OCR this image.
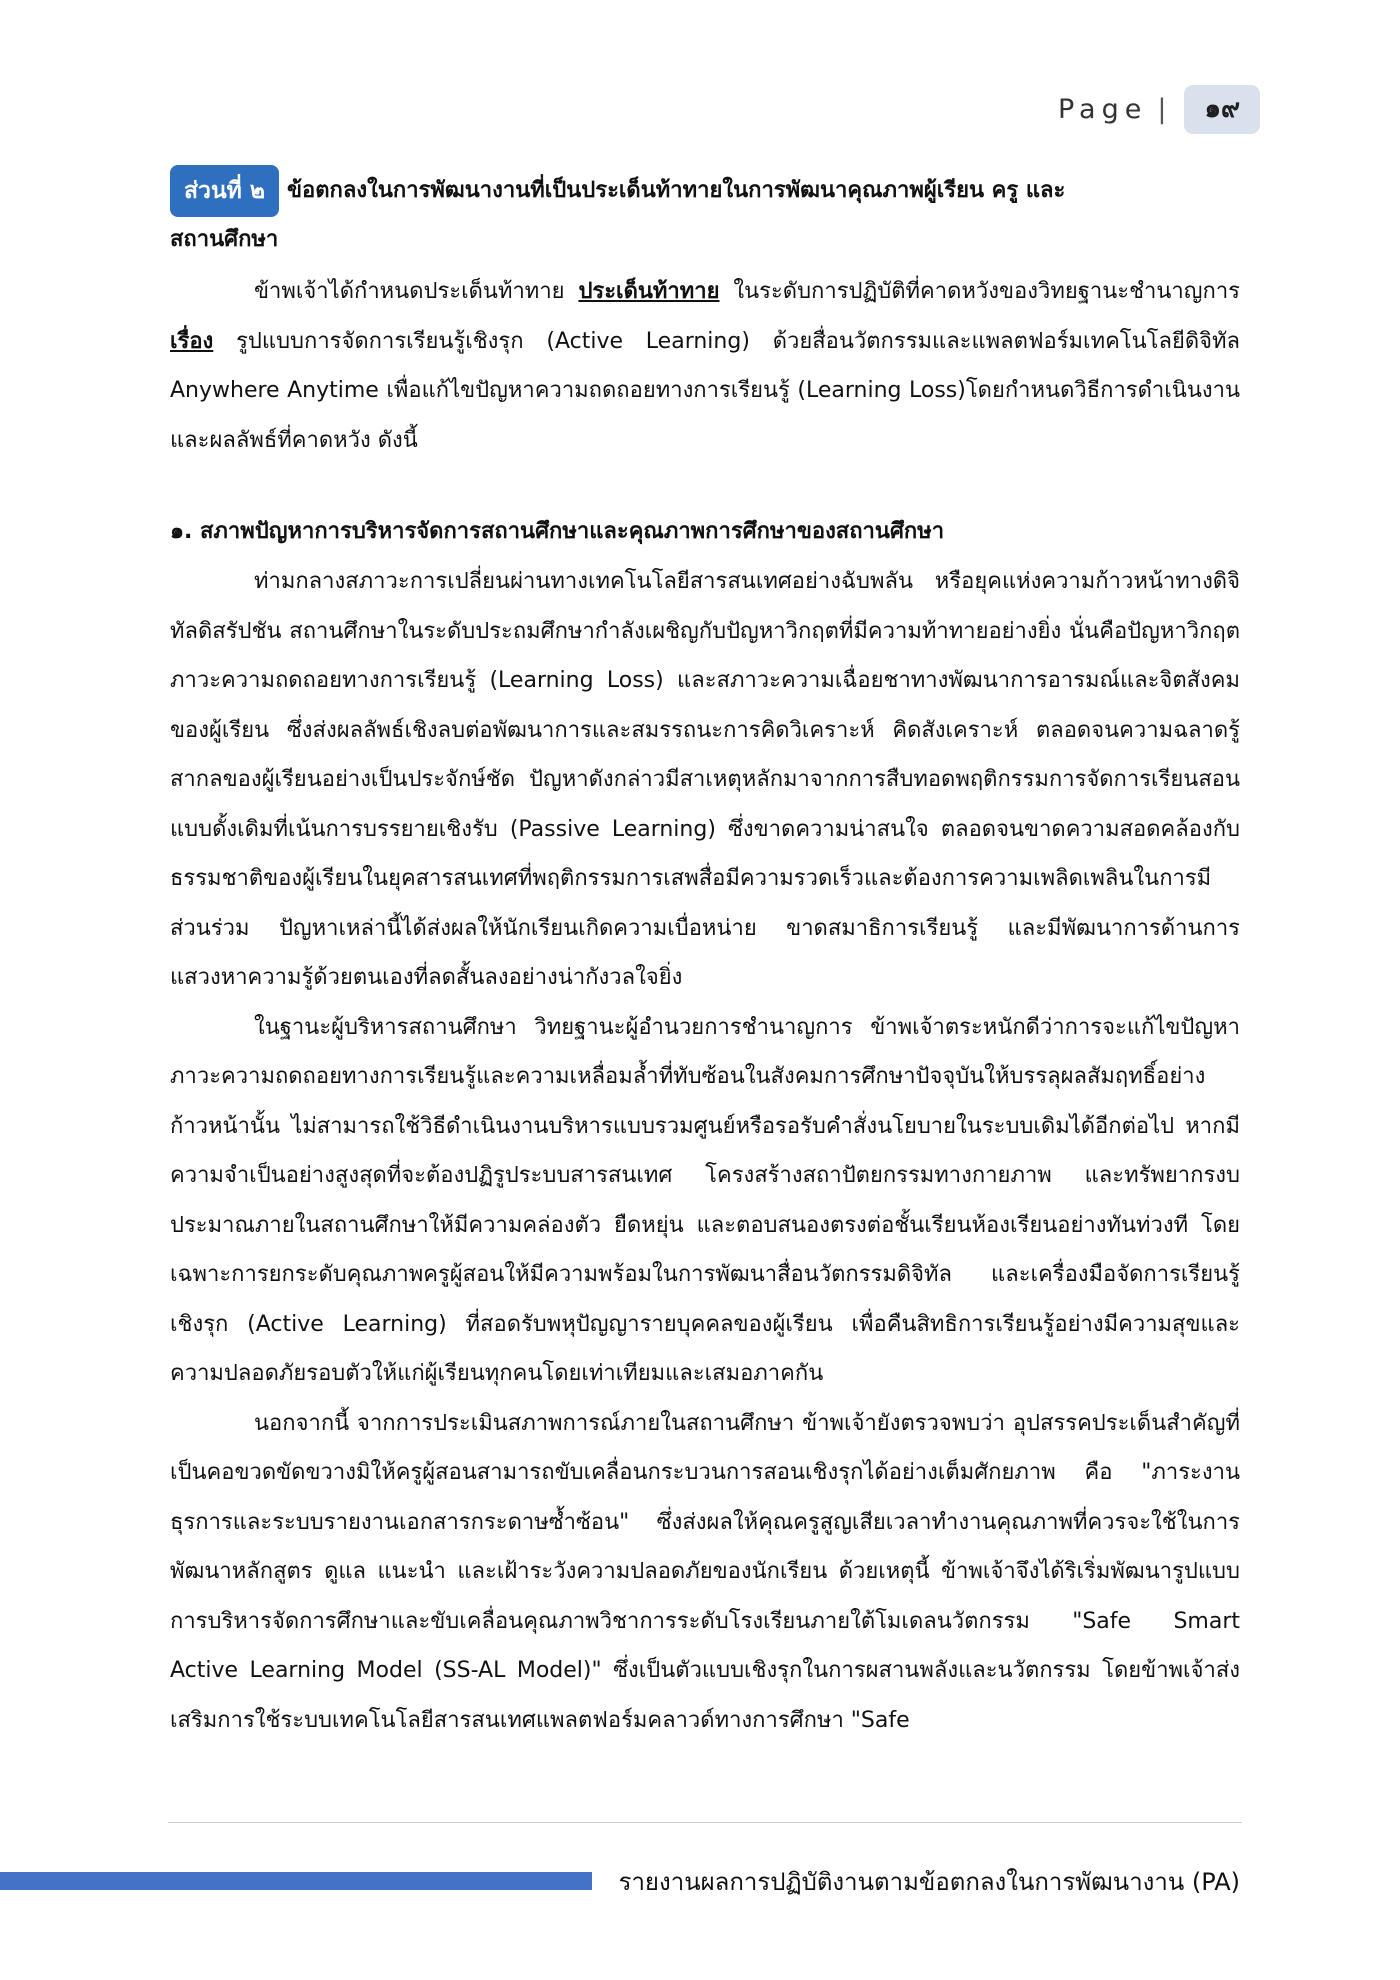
Page |	๑๙
ส่วนที่ ๒	ข้อตกลงในการพัฒนางานที่เป็นประเด็นท้าทายในการพัฒนาคุณภาพผู้เรียน ครู และ
สถานศึกษา

ข้าพเจ้าได้กำหนดประเด็นท้าทาย ประเด็นท้าทาย ในระดับการปฏิบัติที่คาดหวังของวิทยฐานะชำนาญการ เรื่อง รูปแบบการจัดการเรียนรู้เชิงรุก (Active Learning) ด้วยสื่อนวัตกรรมและแพลตฟอร์มเทคโนโลยีดิจิทัล Anywhere Anytime เพื่อแก้ไขปัญหาความถดถอยทางการเรียนรู้ (Learning Loss)โดยกำหนดวิธีการดำเนินงานและผลลัพธ์ที่คาดหวัง ดังนี้

๑. สภาพปัญหาการบริหารจัดการสถานศึกษาและคุณภาพการศึกษาของสถานศึกษา

ท่ามกลางสภาวะการเปลี่ยนผ่านทางเทคโนโลยีสารสนเทศอย่างฉับพลัน หรือยุคแห่งความก้าวหน้าทางดิจิทัลดิสรัปชัน สถานศึกษาในระดับประถมศึกษากำลังเผชิญกับปัญหาวิกฤตที่มีความท้าทายอย่างยิ่ง นั่นคือปัญหาวิกฤตภาวะความถดถอยทางการเรียนรู้ (Learning Loss) และสภาวะความเฉื่อยชาทางพัฒนาการอารมณ์และจิตสังคมของผู้เรียน ซึ่งส่งผลลัพธ์เชิงลบต่อพัฒนาการและสมรรถนะการคิดวิเคราะห์ คิดสังเคราะห์ ตลอดจนความฉลาดรู้สากลของผู้เรียนอย่างเป็นประจักษ์ชัด ปัญหาดังกล่าวมีสาเหตุหลักมาจากการสืบทอดพฤติกรรมการจัดการเรียนสอนแบบดั้งเดิมที่เน้นการบรรยายเชิงรับ (Passive Learning) ซึ่งขาดความน่าสนใจ ตลอดจนขาดความสอดคล้องกับธรรมชาติของผู้เรียนในยุคสารสนเทศที่พฤติกรรมการเสพสื่อมีความรวดเร็วและต้องการความเพลิดเพลินในการมีส่วนร่วม ปัญหาเหล่านี้ได้ส่งผลให้นักเรียนเกิดความเบื่อหน่าย ขาดสมาธิการเรียนรู้ และมีพัฒนาการด้านการแสวงหาความรู้ด้วยตนเองที่ลดสั้นลงอย่างน่ากังวลใจยิ่ง

ในฐานะผู้บริหารสถานศึกษา วิทยฐานะผู้อำนวยการชำนาญการ ข้าพเจ้าตระหนักดีว่าการจะแก้ไขปัญหาภาวะความถดถอยทางการเรียนรู้และความเหลื่อมล้ำที่ทับซ้อนในสังคมการศึกษาปัจจุบันให้บรรลุผลสัมฤทธิ์อย่างก้าวหน้านั้น ไม่สามารถใช้วิธีดำเนินงานบริหารแบบรวมศูนย์หรือรอรับคำสั่งนโยบายในระบบเดิมได้อีกต่อไป หากมีความจำเป็นอย่างสูงสุดที่จะต้องปฏิรูประบบสารสนเทศ โครงสร้างสถาปัตยกรรมทางกายภาพ และทรัพยากรงบประมาณภายในสถานศึกษาให้มีความคล่องตัว ยืดหยุ่น และตอบสนองตรงต่อชั้นเรียนห้องเรียนอย่างทันท่วงที โดยเฉพาะการยกระดับคุณภาพครูผู้สอนให้มีความพร้อมในการพัฒนาสื่อนวัตกรรมดิจิทัล และเครื่องมือจัดการเรียนรู้เชิงรุก (Active Learning) ที่สอดรับพหุปัญญารายบุคคลของผู้เรียน เพื่อคืนสิทธิการเรียนรู้อย่างมีความสุขและความปลอดภัยรอบตัวให้แก่ผู้เรียนทุกคนโดยเท่าเทียมและเสมอภาคกัน

นอกจากนี้ จากการประเมินสภาพการณ์ภายในสถานศึกษา ข้าพเจ้ายังตรวจพบว่า อุปสรรคประเด็นสำคัญที่เป็นคอขวดขัดขวางมิให้ครูผู้สอนสามารถขับเคลื่อนกระบวนการสอนเชิงรุกได้อย่างเต็มศักยภาพ คือ "ภาระงานธุรการและระบบรายงานเอกสารกระดาษซ้ำซ้อน" ซึ่งส่งผลให้คุณครูสูญเสียเวลาทำงานคุณภาพที่ควรจะใช้ในการพัฒนาหลักสูตร ดูแล แนะนำ และเฝ้าระวังความปลอดภัยของนักเรียน ด้วยเหตุนี้ ข้าพเจ้าจึงได้ริเริ่มพัฒนารูปแบบการบริหารจัดการศึกษาและขับเคลื่อนคุณภาพวิชาการระดับโรงเรียนภายใต้โมเดลนวัตกรรม "Safe Smart Active Learning Model (SS-AL Model)" ซึ่งเป็นตัวแบบเชิงรุกในการผสานพลังและนวัตกรรม โดยข้าพเจ้าส่งเสริมการใช้ระบบเทคโนโลยีสารสนเทศแพลตฟอร์มคลาวด์ทางการศึกษา "Safe

รายงานผลการปฏิบัติงานตามข้อตกลงในการพัฒนางาน (PA)
